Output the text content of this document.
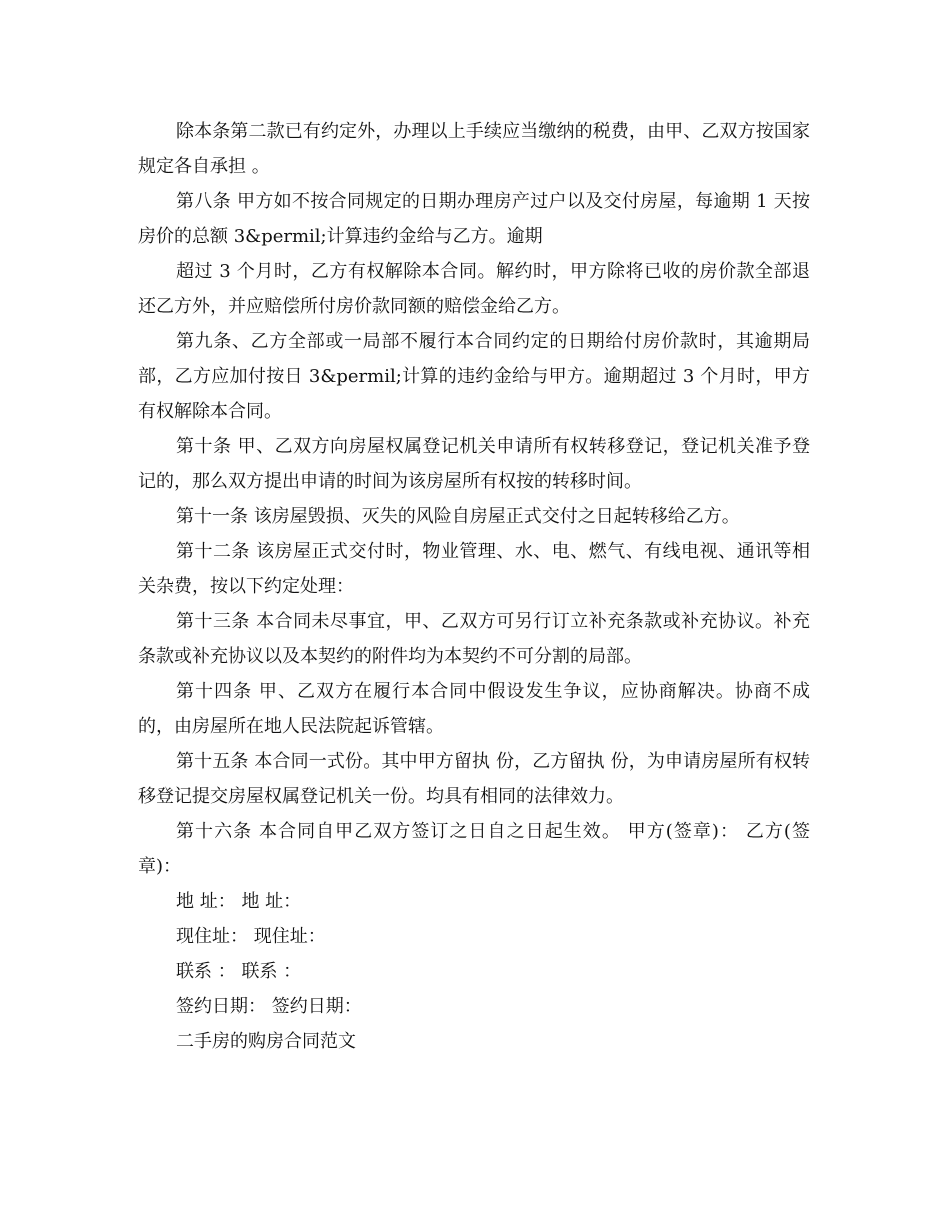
除本条第二款已有约定外，办理以上手续应当缴纳的税费，由甲、乙双方按国家规定各自承担 。

第八条 甲方如不按合同规定的日期办理房产过户以及交付房屋，每逾期 1 天按房价的总额 3&permil;计算违约金给与乙方。逾期

超过 3 个月时，乙方有权解除本合同。解约时，甲方除将已收的房价款全部退还乙方外，并应赔偿所付房价款同额的赔偿金给乙方。

第九条、乙方全部或一局部不履行本合同约定的日期给付房价款时，其逾期局部，乙方应加付按日 3&permil;计算的违约金给与甲方。逾期超过 3 个月时，甲方有权解除本合同。

第十条 甲、乙双方向房屋权属登记机关申请所有权转移登记，登记机关准予登记的，那么双方提出申请的时间为该房屋所有权按的转移时间。

第十一条 该房屋毁损、灭失的风险自房屋正式交付之日起转移给乙方。

第十二条 该房屋正式交付时，物业管理、水、电、燃气、有线电视、通讯等相关杂费，按以下约定处理：

第十三条 本合同未尽事宜，甲、乙双方可另行订立补充条款或补充协议。补充条款或补充协议以及本契约的附件均为本契约不可分割的局部。

第十四条 甲、乙双方在履行本合同中假设发生争议，应协商解决。协商不成的，由房屋所在地人民法院起诉管辖。

第十五条 本合同一式份。其中甲方留执 份，乙方留执 份，为申请房屋所有权转移登记提交房屋权属登记机关一份。均具有相同的法律效力。

第十六条 本合同自甲乙双方签订之日自之日起生效。 甲方(签章)： 乙方(签章)：

地 址： 地 址：

现住址： 现住址：

联系 ： 联系 ：

签约日期： 签约日期：

二手房的购房合同范文
